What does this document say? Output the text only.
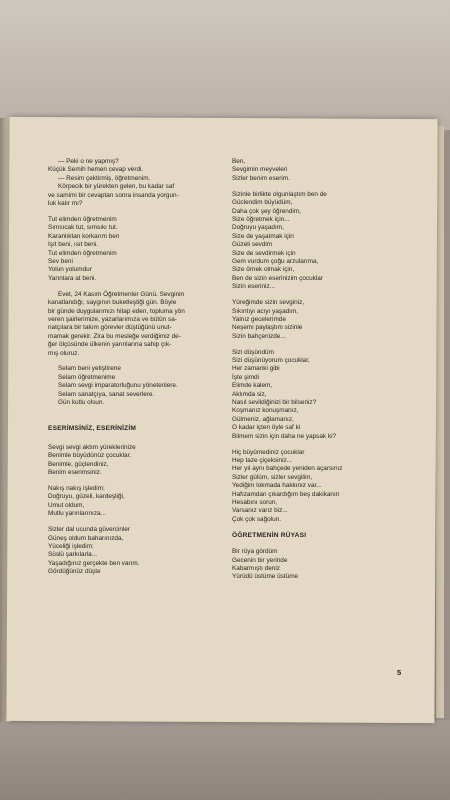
— Peki o ne yapmış?
Küçük Semih hemen cevap verdi.
— Resim çektirmiş, öğretmenim.
Körpecik bir yürekten gelen, bu kadar saf
ve samimi bir cevaptan sonra insanda yorgun-
luk kalır mı?
Tut elimden öğretmenim
Sımsıcak tut, sımsıkı tut.
Karanlıktan korkarım ben
Işıt beni, ısıt beni.
Tut elimden öğretmenim
Sev beni
Yolun yolumdur
Yarınlara at beni.
Evet, 24 Kasım Öğretmenler Günü. Sevginin
kanatlandığı, saygının buketleştiği gün. Böyle
bir günde duygularımızı hitap eden, topluma yön
veren şairlerimize, yazarlarımıza ve bütün sa-
natçılara bir takım görevler düştüğünü unut-
mamak gerekir. Zira bu mesleğe verdiğimiz de-
ğer ölçüsünde ülkenin yarınlarına sahip çık-
mış oluruz.
Selam beni yetiştirene
Selam öğretmenime
Selam sevgi imparatorluğunu yönetenlere.
Selam sanatçıya, sanat severlere.
Gün kutlu olsun.
ESERİMSİNİZ, ESERİNİZİM
Sevgi sevgi aktım yüreklerinize
Benimle büyüdünüz çocuklar.
Benimle, güçlendiniz,
Benim eserimsiniz.
Nakış nakış işledim:
Doğruyu, güzeli, kardeşliği,
Umut oldum,
Mutlu yarınlarınıza...
Sizler dal ucunda güvercinler
Güneş oldum baharınızda,
Yüceliği işledim:
Süslü şarkılarla...
Yaşadığınız gerçekte ben varım.
Gördüğünüz düşte
Ben,
Sevgimin meyveleri
Sizler benim eserim.
Sizinle birlikte olgunlaştım ben de
Güclendim büyüdüm,
Daha çok şey öğrendim,
Size öğretmek için...
Doğruyu yaşadım,
Size de yaşatmak için
Güzeli sevdim
Size de sevdirmek için
Gem vurdum çoğu arzularıma,
Size örnek olmak için,
Ben de sizin eserinizim çocuklar
Sizin eseriniz...
Yüreğimde sizin sevginiz,
Sıkıntıyı acıyı yaşadım,
Yalnız gecelerimde
Neşemi paylaştım sizinle
Sizin bahçenizde...
Sizi düşündüm
Sizi düşünüyorum çocuklar,
Her zamanki gibi
İşte şimdi
Elimde kalem,
Aklımda siz,
Nasıl sevildiğinizi bir bilseniz?
Koşmanız konuşmanız,
Gülmeniz, ağlamanız,
O kadar içten öyle saf ki
Bilmem sizin için daha ne yapsak ki?
Hiç büyümediniz çocuklar
Hep taze çiçeksiniz...
Her yıl aynı bahçede yeniden açarsınız
Sizler gülüm, sizler sevgilim,
Yediğim lokmada hakkınız var...
Hafızamdan çıkardığım beş dakikanın
Hesabını sorun,
Varsanız varız biz...
Çok çok sağolun.
ÖĞRETMENİN RÜYASI
Bir rüya gördüm
Gecenin bir yerinde
Kabarmıştı deniz
Yürüdü üstüme üstüme
5
